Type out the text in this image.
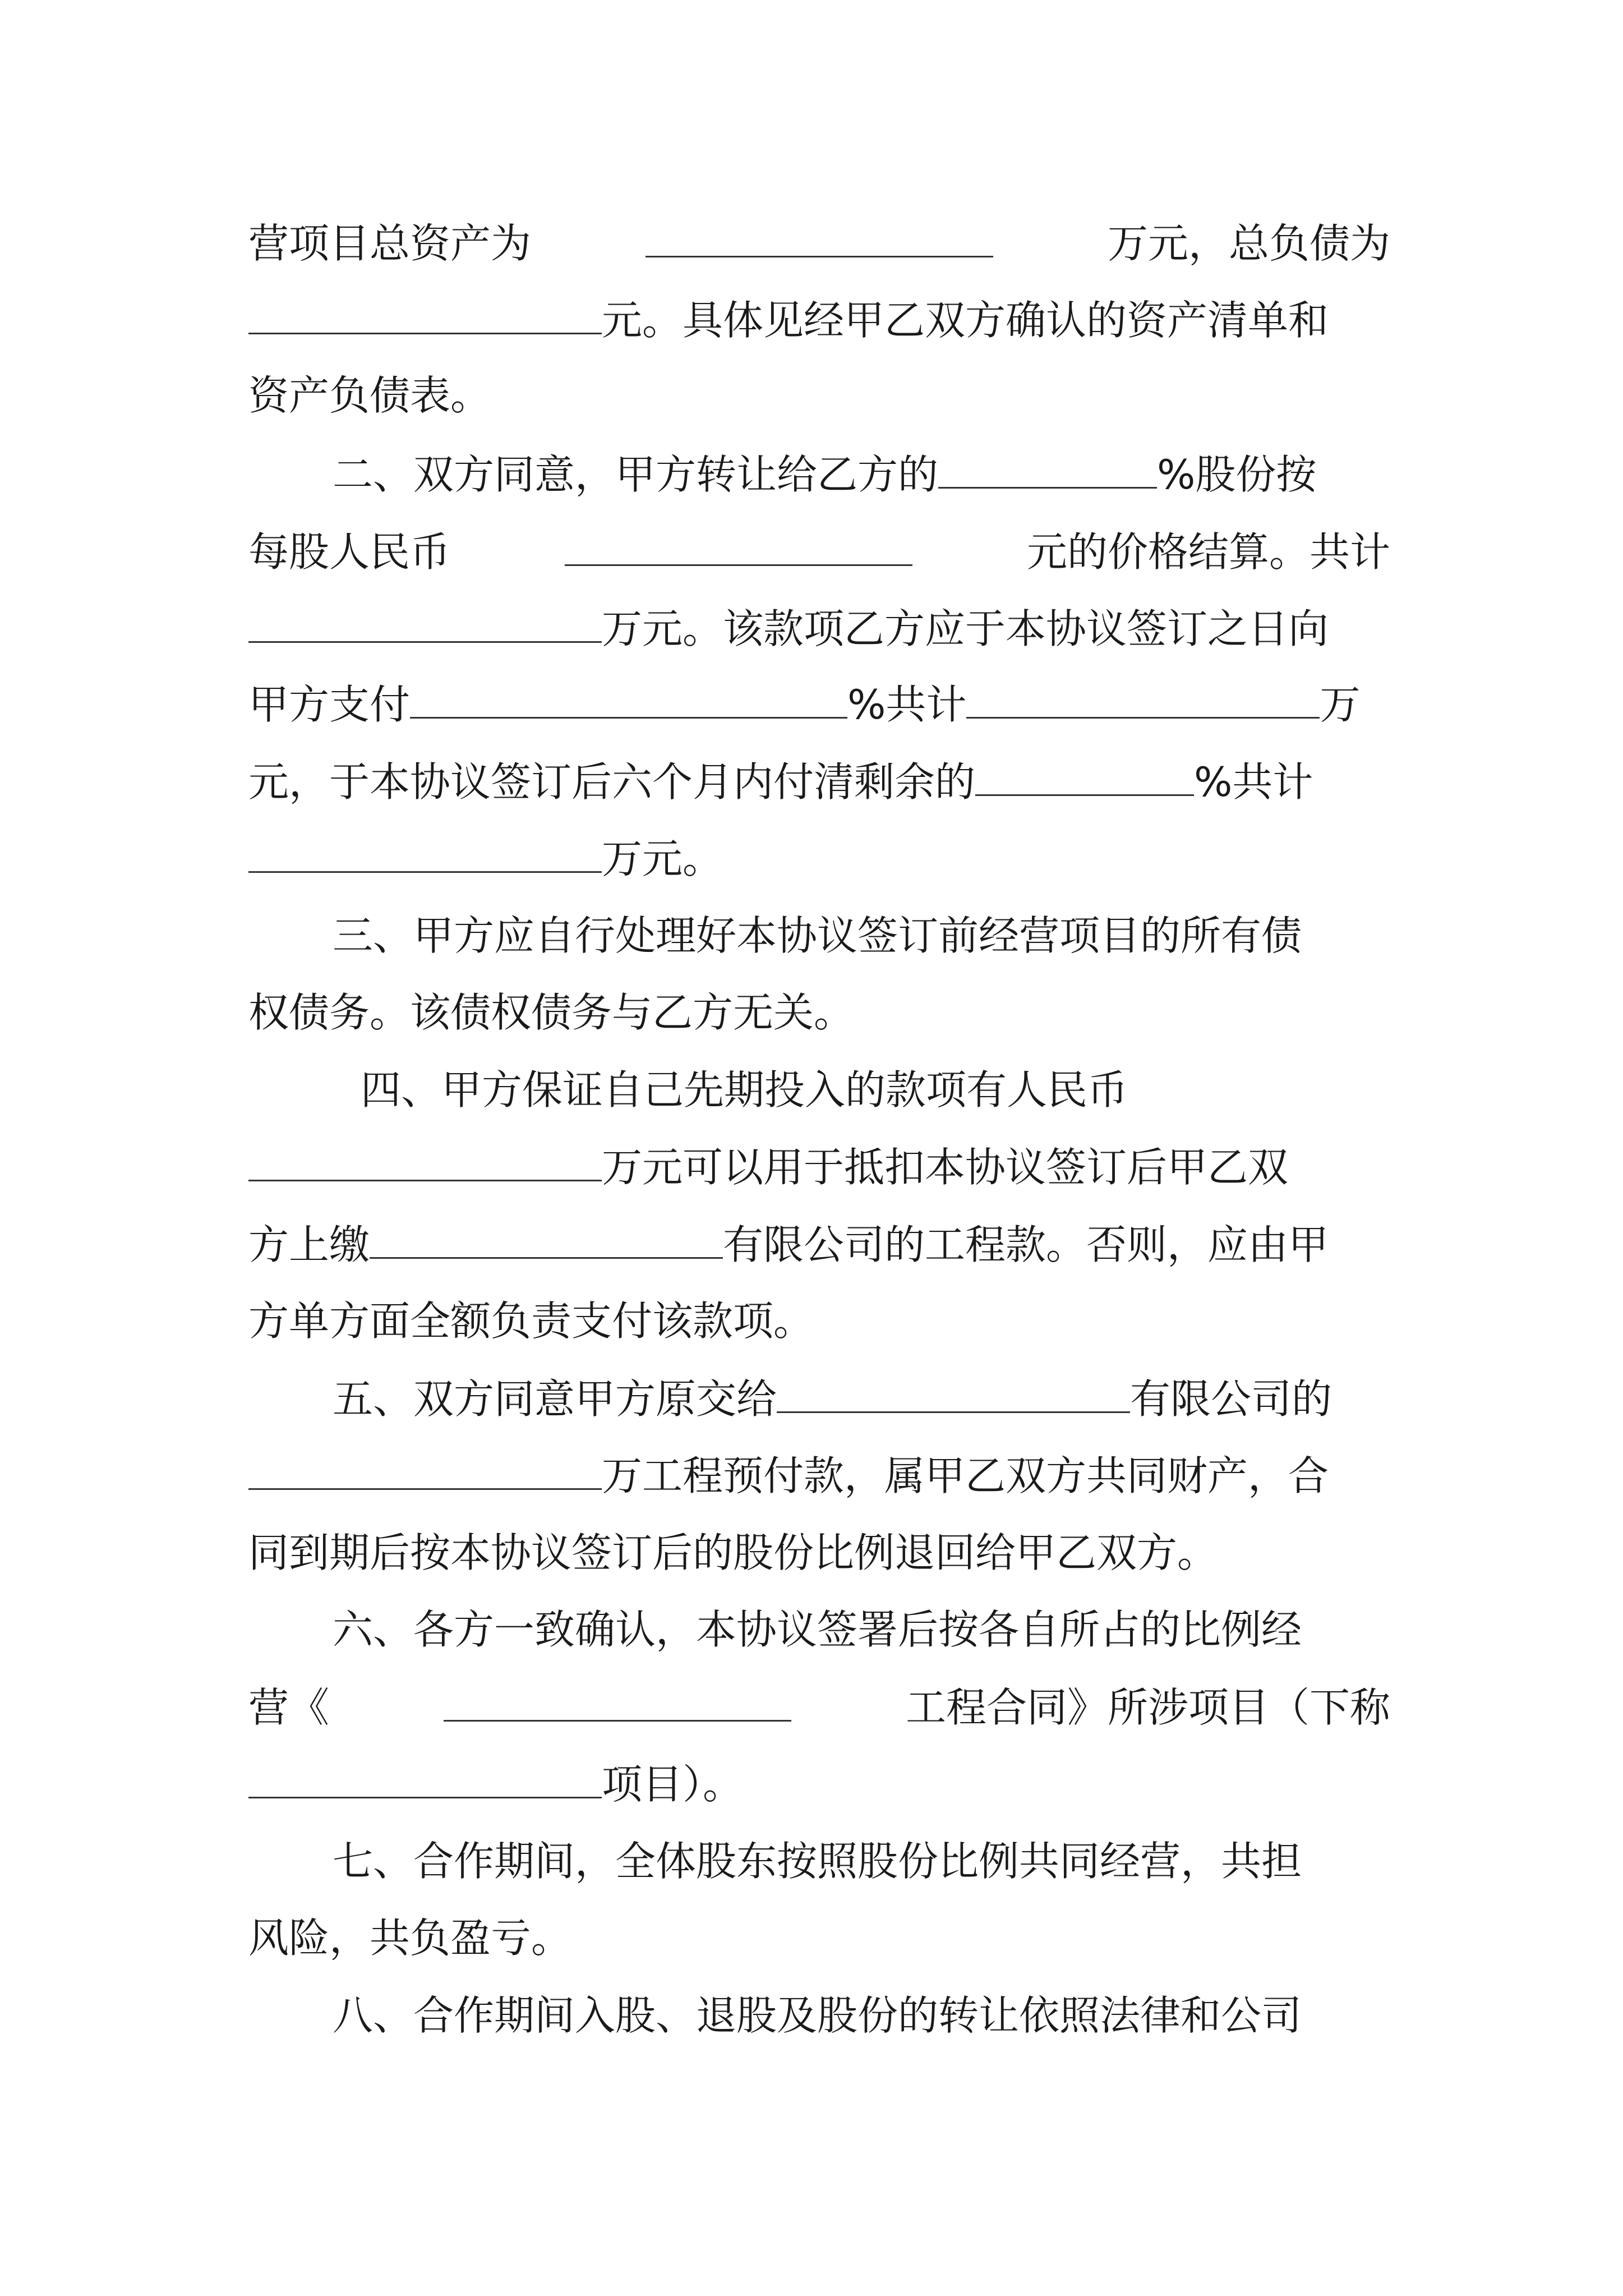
营项目总资产为	万元，总负债为
元。具体见经甲乙双方确认的资产清单和
资产负债表。
二、双方同意，甲方转让给乙方的	%股份按
每股人民币	元的价格结算。共计
万元。该款项乙方应于本协议签订之日向
甲方支付	%共计	万
元，于本协议签订后六个月内付清剩余的	%共计
万元。
三、甲方应自行处理好本协议签订前经营项目的所有债
权债务。该债权债务与乙方无关。
四、甲方保证自己先期投入的款项有人民币
万元可以用于抵扣本协议签订后甲乙双
方上缴	有限公司的工程款。否则，应由甲
方单方面全额负责支付该款项。
五、双方同意甲方原交给	有限公司的
万工程预付款，属甲乙双方共同财产，合
同到期后按本协议签订后的股份比例退回给甲乙双方。
六、各方一致确认，本协议签署后按各自所占的比例经
营《	工程合同》所涉项目（下称
项目）。
七、合作期间，全体股东按照股份比例共同经营，共担
风险，共负盈亏。
八、合作期间入股、退股及股份的转让依照法律和公司
